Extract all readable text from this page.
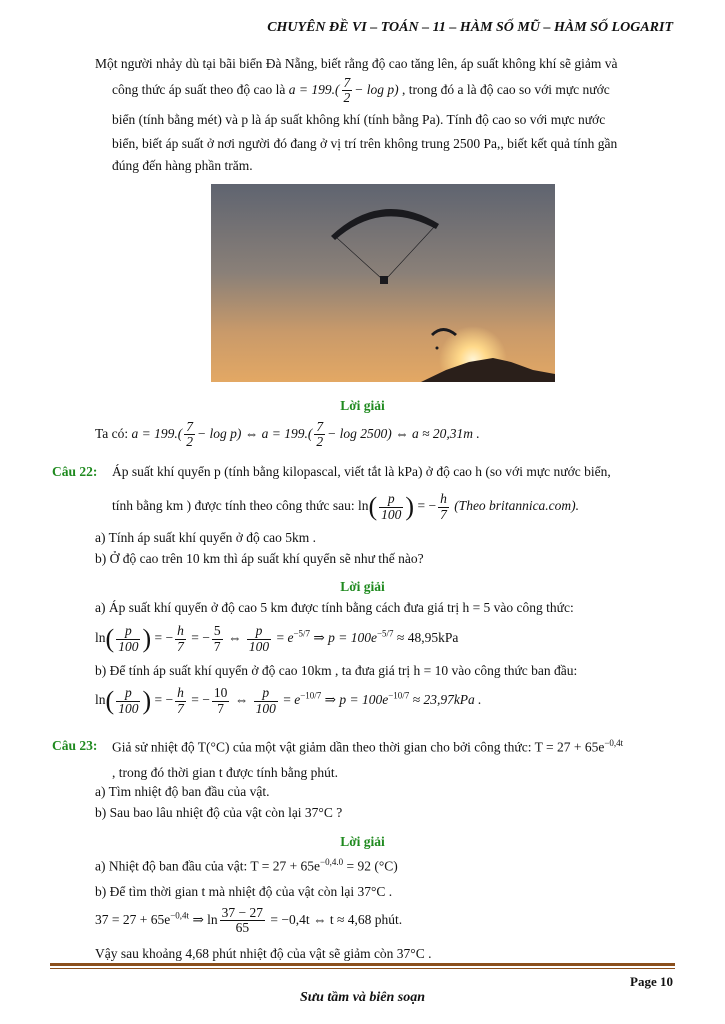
CHUYÊN ĐỀ VI – TOÁN – 11 – HÀM SỐ MŨ – HÀM SỐ LOGARIT
Một người nhảy dù tại bãi biển Đà Nẵng, biết rằng độ cao tăng lên, áp suất không khí sẽ giảm và
công thức áp suất theo độ cao là $a = 199.( \frac{7}{2} - \log p)$ , trong đó a là độ cao so với mực nước
biển (tính bằng mét) và p là áp suất không khí (tính bằng Pa). Tính độ cao so với mực nước
biển, biết áp suất ở nơi người đó đang ở vị trí trên không trung 2500 Pa,, biết kết quả tính gần
đúng đến hàng phần trăm.
Lời giải
Ta có: $a = 199.( \frac{7}{2} - \log p)$ ⇔ $a = 199.( \frac{7}{2} - \log 2500)$ ⇔ a ≈ 20,31m .
Câu 22: Áp suất khí quyển p (tính bằng kilopascal, viết tắt là kPa) ở độ cao h (so với mực nước biển,
tính bằng km ) được tính theo công thức sau: $\ln( \frac{p}{100}$ ) = − $\frac{h}{7}$ (Theo britannica.com).
a) Tính áp suất khí quyển ở độ cao 5km .
b) Ở độ cao trên 10 km thì áp suất khí quyển sẽ như thế nào?
Lời giải
a) Áp suất khí quyển ở độ cao 5 km được tính bằng cách đưa giá trị h = 5 vào công thức:
$\ln( \frac{p}{100}$ ) = − $\frac{h}{7}$ = − $\frac{5}{7}$ ⇔ $\frac{p}{100} = e^{-5/7}$ ⇒ $p = 100e^{-5/7} \approx 48,95kPa$
b) Để tính áp suất khí quyển ở độ cao 10km , ta đưa giá trị h = 10 vào công thức ban đầu:
$\ln( \frac{p}{100}$ ) = − $\frac{h}{7}$ = − $\frac{10}{7}$ ⇔ $\frac{p}{100} = e^{-10/7}$ ⇒ $p = 100e^{-10/7} \approx 23,97kPa$ .
Câu 23: Giả sử nhiệt độ T(°C) của một vật giảm dần theo thời gian cho bởi công thức: $T = 27 + 65e^{-0,4t}$
, trong đó thời gian t được tính bằng phút.
a) Tìm nhiệt độ ban đầu của vật.
b) Sau bao lâu nhiệt độ của vật còn lại 37°C ?
Lời giải
a) Nhiệt độ ban đầu của vật: $T = 27 + 65e^{-0,4.0} = 92$ (°C)
b) Để tìm thời gian t mà nhiệt độ của vật còn lại 37°C .
$37 = 27 + 65e^{-0,4t}$ ⇒ $\ln \frac{37 - 27}{65} = -0,4t$ ⇔ t ≈ 4,68 phút.
Vậy sau khoảng 4,68 phút nhiệt độ của vật sẽ giảm còn 37°C .
Page 10
Sưu tầm và biên soạn
